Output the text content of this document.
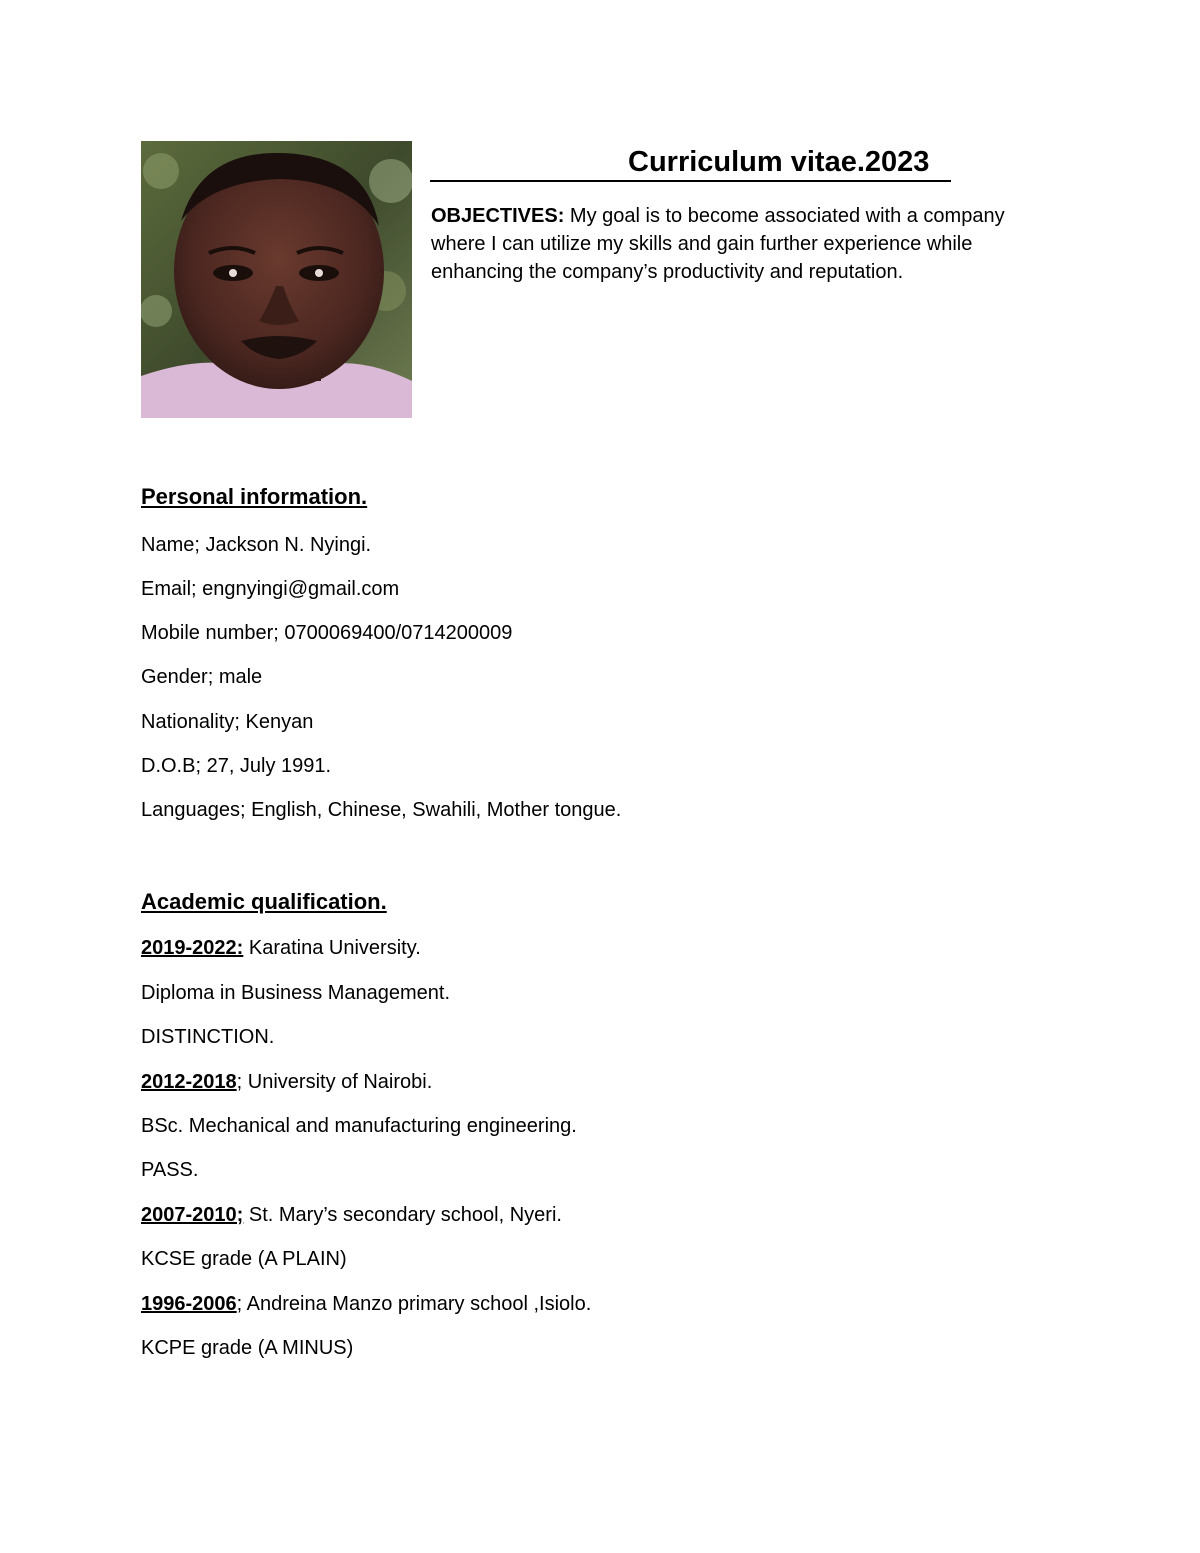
Curriculum vitae.2023
OBJECTIVES: My goal is to become associated with a company where I can utilize my skills and gain further experience while enhancing the company’s productivity and reputation.
Personal information.
Name; Jackson N. Nyingi.
Email; engnyingi@gmail.com
Mobile number; 0700069400/0714200009
Gender; male
Nationality; Kenyan
D.O.B; 27, July 1991.
Languages; English, Chinese, Swahili, Mother tongue.
Academic qualification.
2019-2022: Karatina University.
Diploma in Business Management.
DISTINCTION.
2012-2018; University of Nairobi.
BSc. Mechanical and manufacturing engineering.
PASS.
2007-2010; St. Mary’s secondary school, Nyeri.
KCSE grade (A PLAIN)
1996-2006; Andreina Manzo primary school ,Isiolo.
KCPE grade (A MINUS)
